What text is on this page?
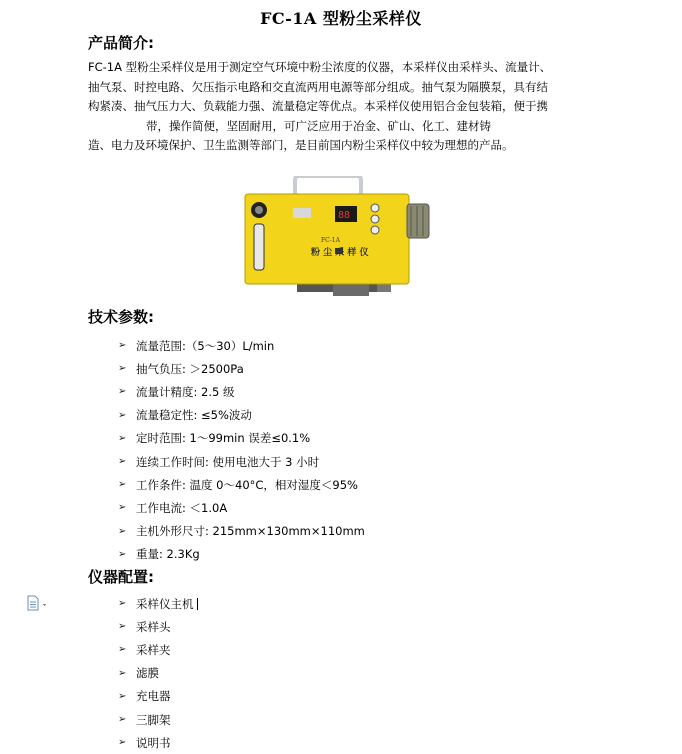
FC-1A 型粉尘采样仪
产品简介:
FC-1A 型粉尘采样仪是用于测定空气环境中粉尘浓度的仪器，本采样仪由采样头、流量计、
抽气泵、时控电路、欠压指示电路和交直流两用电源等部分组成。抽气泵为隔膜泵，具有结
构紧凑、抽气压力大、负载能力强、流量稳定等优点。本采样仪使用铝合金包装箱，便于携
带，操作简便，坚固耐用，可广泛应用于冶金、矿山、化工、建材铸
造、电力及环境保护、卫生监测等部门，是目前国内粉尘采样仪中较为理想的产品。
88
FC-1A
粉 尘 采 样 仪
技术参数:
➢ 流量范围:（5～30）L/min
➢ 抽气负压: ＞2500Pa
➢ 流量计精度: 2.5 级
➢ 流量稳定性: ≤5%波动
➢ 定时范围: 1～99min 误差≤0.1%
➢ 连续工作时间: 使用电池大于 3 小时
➢ 工作条件: 温度 0～40°C，相对湿度＜95%
➢ 工作电流: ＜1.0A
➢ 主机外形尺寸: 215mm×130mm×110mm
➢ 重量: 2.3Kg
仪器配置:
➢ 采样仪主机
➢ 采样头
➢ 采样夹
➢ 滤膜
➢ 充电器
➢ 三脚架
➢ 说明书
